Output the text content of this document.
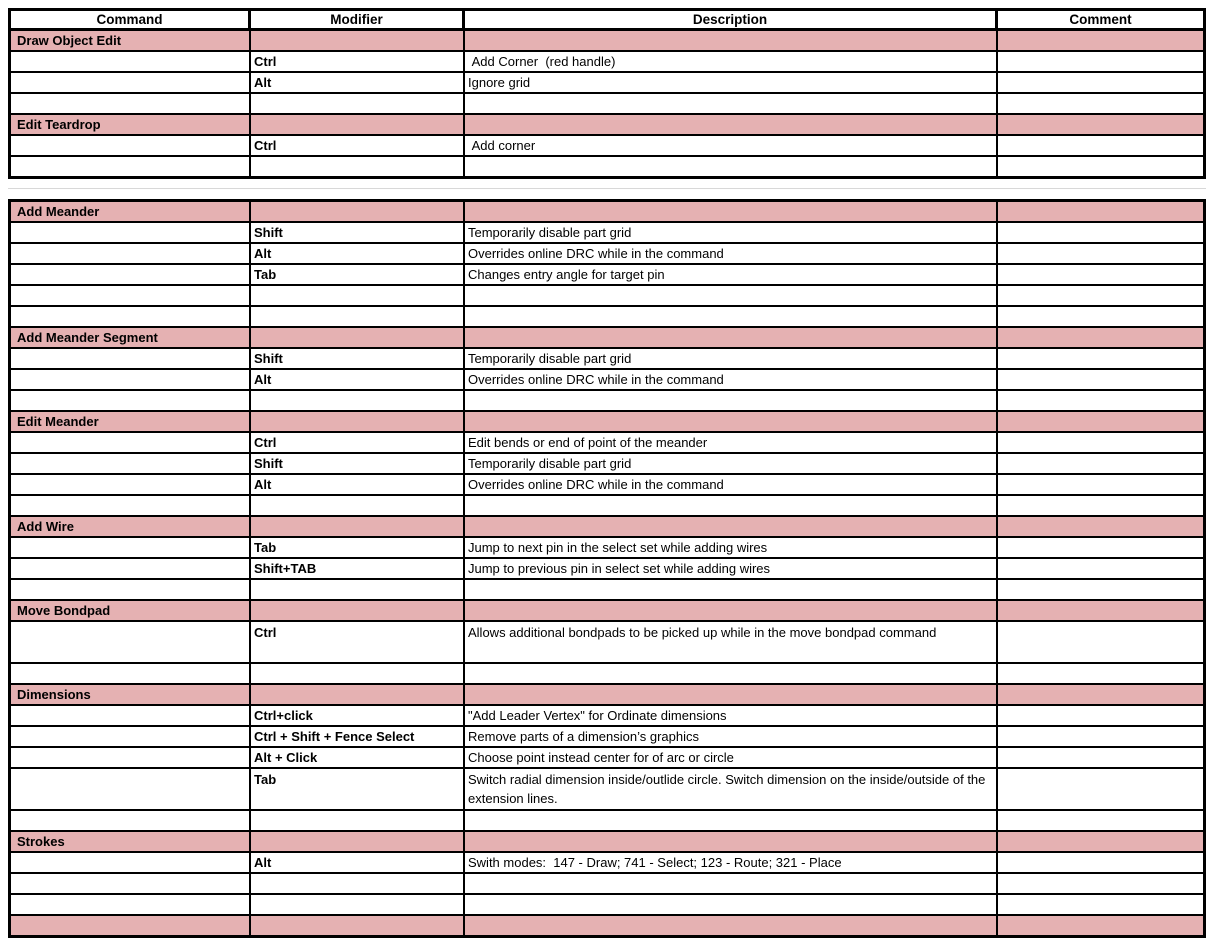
Command	Modifier	Description	Comment
Draw Object Edit
Ctrl	Add Corner  (red handle)
Alt	Ignore grid
Edit Teardrop
Ctrl	Add corner
Add Meander
Shift	Temporarily disable part grid
Alt	Overrides online DRC while in the command
Tab	Changes entry angle for target pin
Add Meander Segment
Shift	Temporarily disable part grid
Alt	Overrides online DRC while in the command
Edit Meander
Ctrl	Edit bends or end of point of the meander
Shift	Temporarily disable part grid
Alt	Overrides online DRC while in the command
Add Wire
Tab	Jump to next pin in the select set while adding wires
Shift+TAB	Jump to previous pin in select set while adding wires
Move Bondpad
Ctrl	Allows additional bondpads to be picked up while in the move bondpad command
Dimensions
Ctrl+click	"Add Leader Vertex" for Ordinate dimensions
Ctrl + Shift + Fence Select	Remove parts of a dimension’s graphics
Alt + Click	Choose point instead center for of arc or circle
Tab	Switch radial dimension inside/outlide circle. Switch dimension on the inside/outside of the extension lines.
Strokes
Alt	Swith modes:  147 - Draw; 741 - Select; 123 - Route; 321 - Place
